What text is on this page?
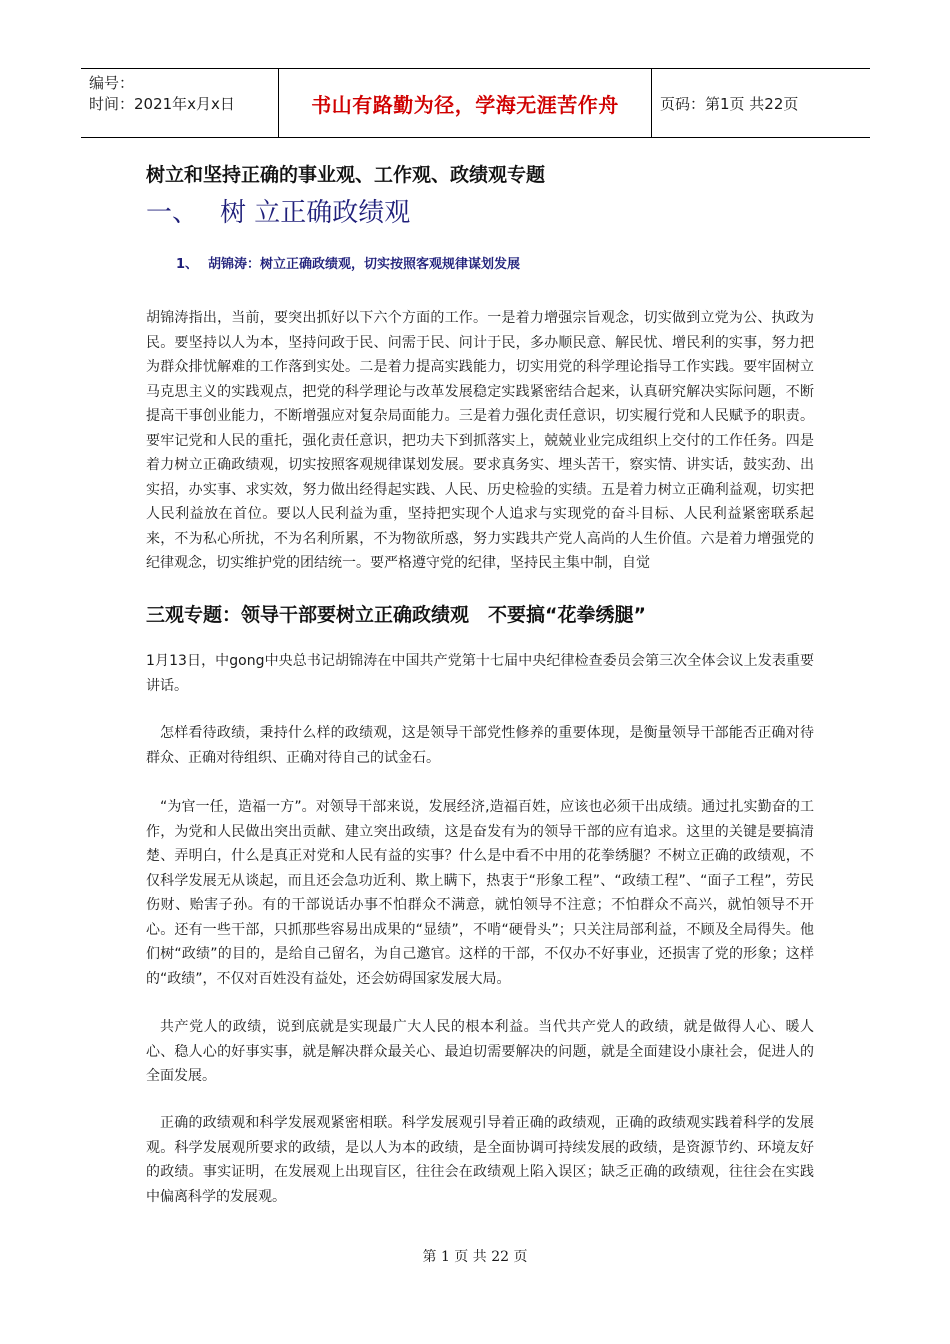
编号：
时间：2021年x月x日	书山有路勤为径，学海无涯苦作舟	页码：第1页 共22页
树立和坚持正确的事业观、工作观、政绩观专题
一、 树 立正确政绩观
1、 胡锦涛：树立正确政绩观，切实按照客观规律谋划发展

胡锦涛指出，当前，要突出抓好以下六个方面的工作。一是着力增强宗旨观念，切实做到立党为公、执政为民。要坚持以人为本，坚持问政于民、问需于民、问计于民，多办顺民意、解民忧、增民利的实事，努力把为群众排忧解难的工作落到实处。二是着力提高实践能力，切实用党的科学理论指导工作实践。要牢固树立马克思主义的实践观点，把党的科学理论与改革发展稳定实践紧密结合起来，认真研究解决实际问题，不断提高干事创业能力，不断增强应对复杂局面能力。三是着力强化责任意识，切实履行党和人民赋予的职责。要牢记党和人民的重托，强化责任意识，把功夫下到抓落实上，兢兢业业完成组织上交付的工作任务。四是着力树立正确政绩观，切实按照客观规律谋划发展。要求真务实、埋头苦干，察实情、讲实话，鼓实劲、出实招，办实事、求实效，努力做出经得起实践、人民、历史检验的实绩。五是着力树立正确利益观，切实把人民利益放在首位。要以人民利益为重，坚持把实现个人追求与实现党的奋斗目标、人民利益紧密联系起来，不为私心所扰，不为名利所累，不为物欲所惑，努力实践共产党人高尚的人生价值。六是着力增强党的纪律观念，切实维护党的团结统一。要严格遵守党的纪律，坚持民主集中制，自觉

三观专题：领导干部要树立正确政绩观　不要搞“花拳绣腿”

1月13日，中gong中央总书记胡锦涛在中国共产党第十七届中央纪律检查委员会第三次全体会议上发表重要讲话。

怎样看待政绩，秉持什么样的政绩观，这是领导干部党性修养的重要体现，是衡量领导干部能否正确对待群众、正确对待组织、正确对待自己的试金石。

“为官一任，造福一方”。对领导干部来说，发展经济,造福百姓，应该也必须干出成绩。通过扎实勤奋的工作，为党和人民做出突出贡献、建立突出政绩，这是奋发有为的领导干部的应有追求。这里的关键是要搞清楚、弄明白，什么是真正对党和人民有益的实事？什么是中看不中用的花拳绣腿？不树立正确的政绩观，不仅科学发展无从谈起，而且还会急功近利、欺上瞒下，热衷于“形象工程”、“政绩工程”、“面子工程”，劳民伤财、贻害子孙。有的干部说话办事不怕群众不满意，就怕领导不注意；不怕群众不高兴，就怕领导不开心。还有一些干部，只抓那些容易出成果的“显绩”，不啃“硬骨头”；只关注局部利益，不顾及全局得失。他们树“政绩”的目的，是给自己留名，为自己邀官。这样的干部，不仅办不好事业，还损害了党的形象；这样的“政绩”，不仅对百姓没有益处，还会妨碍国家发展大局。

共产党人的政绩，说到底就是实现最广大人民的根本利益。当代共产党人的政绩，就是做得人心、暖人心、稳人心的好事实事，就是解决群众最关心、最迫切需要解决的问题，就是全面建设小康社会，促进人的全面发展。

正确的政绩观和科学发展观紧密相联。科学发展观引导着正确的政绩观，正确的政绩观实践着科学的发展观。科学发展观所要求的政绩，是以人为本的政绩，是全面协调可持续发展的政绩，是资源节约、环境友好的政绩。事实证明，在发展观上出现盲区，往往会在政绩观上陷入误区；缺乏正确的政绩观，往往会在实践中偏离科学的发展观。

第 1 页 共 22 页
